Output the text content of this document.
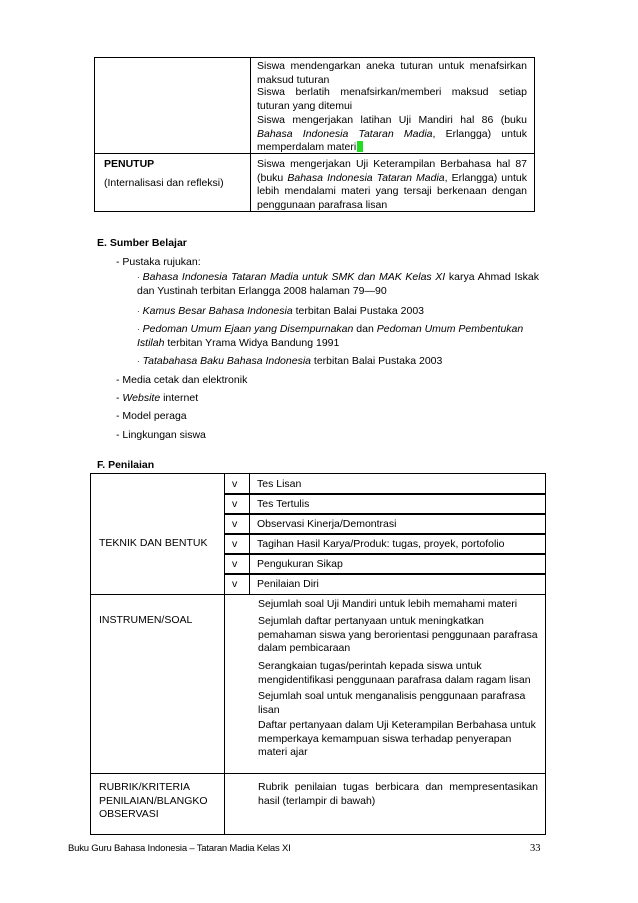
Siswa mendengarkan aneka tuturan untuk menafsirkan maksud tuturan
Siswa berlatih menafsirkan/memberi maksud setiap tuturan yang ditemui
Siswa mengerjakan latihan Uji Mandiri hal 86 (buku Bahasa Indonesia Tataran Madia, Erlangga) untuk memperdalam materi
PENUTUP
(Internalisasi dan refleksi)
Siswa mengerjakan Uji Keterampilan Berbahasa hal 87 (buku Bahasa Indonesia Tataran Madia, Erlangga) untuk lebih mendalami materi yang tersaji berkenaan dengan penggunaan parafrasa lisan
E. Sumber Belajar
- Pustaka rujukan:
· Bahasa Indonesia Tataran Madia untuk SMK dan MAK Kelas XI karya Ahmad Iskak dan Yustinah terbitan Erlangga 2008 halaman 79—90
· Kamus Besar Bahasa Indonesia terbitan Balai Pustaka 2003
· Pedoman Umum Ejaan yang Disempurnakan dan Pedoman Umum Pembentukan Istilah terbitan Yrama Widya Bandung 1991
· Tatabahasa Baku Bahasa Indonesia terbitan Balai Pustaka 2003
- Media cetak dan elektronik
- Website internet
- Model peraga
- Lingkungan siswa
F. Penilaian
TEKNIK DAN BENTUK
v
v
v
v
v
v
Tes Lisan
Tes Tertulis
Observasi Kinerja/Demontrasi
Tagihan Hasil Karya/Produk: tugas, proyek, portofolio
Pengukuran Sikap
Penilaian Diri
INSTRUMEN/SOAL
Sejumlah soal Uji Mandiri untuk lebih memahami materi
Sejumlah daftar pertanyaan untuk meningkatkan pemahaman siswa yang berorientasi penggunaan parafrasa dalam pembicaraan
Serangkaian tugas/perintah kepada siswa untuk mengidentifikasi penggunaan parafrasa dalam ragam lisan
Sejumlah soal untuk menganalisis penggunaan parafrasa lisan
Daftar pertanyaan dalam Uji Keterampilan Berbahasa untuk memperkaya kemampuan siswa terhadap penyerapan materi ajar
RUBRIK/KRITERIA PENILAIAN/BLANGKO OBSERVASI
Rubrik penilaian tugas berbicara dan mempresentasikan hasil (terlampir di bawah)
Buku Guru Bahasa Indonesia – Tataran Madia Kelas XI	33
